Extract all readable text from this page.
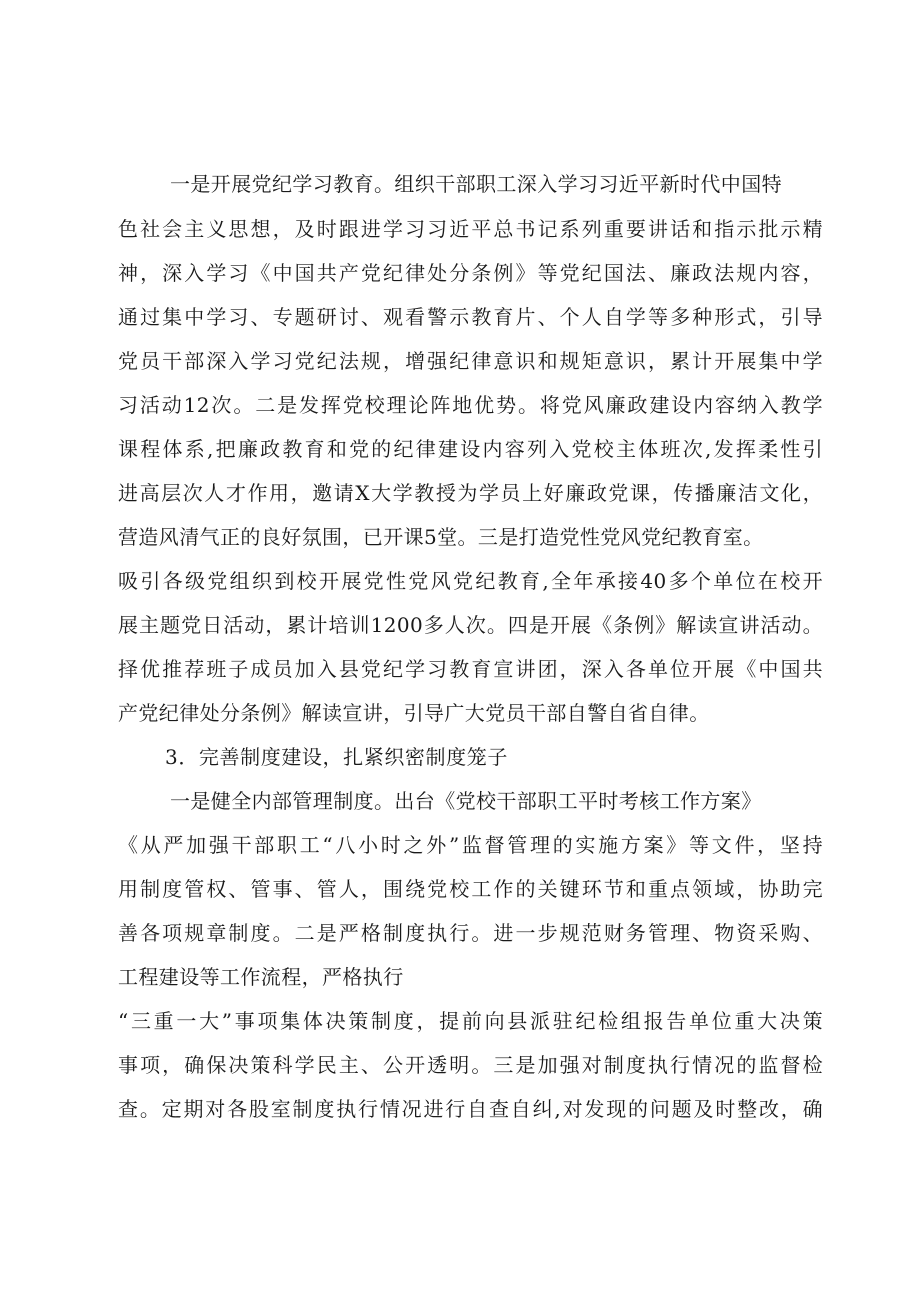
一是开展党纪学习教育。组织干部职工深入学习习近平新时代中国特
色社会主义思想，及时跟进学习习近平总书记系列重要讲话和指示批示精
神，深入学习《中国共产党纪律处分条例》等党纪国法、廉政法规内容，
通过集中学习、专题研讨、观看警示教育片、个人自学等多种形式，引导
党员干部深入学习党纪法规，增强纪律意识和规矩意识，累计开展集中学
习活动12次。二是发挥党校理论阵地优势。将党风廉政建设内容纳入教学
课程体系,把廉政教育和党的纪律建设内容列入党校主体班次,发挥柔性引
进高层次人才作用，邀请X大学教授为学员上好廉政党课，传播廉洁文化，
营造风清气正的良好氛围，已开课5堂。三是打造党性党风党纪教育室。
吸引各级党组织到校开展党性党风党纪教育,全年承接40多个单位在校开
展主题党日活动，累计培训1200多人次。四是开展《条例》解读宣讲活动。
择优推荐班子成员加入县党纪学习教育宣讲团，深入各单位开展《中国共
产党纪律处分条例》解读宣讲，引导广大党员干部自警自省自律。
3．完善制度建设，扎紧织密制度笼子
一是健全内部管理制度。出台《党校干部职工平时考核工作方案》
《从严加强干部职工“八小时之外”监督管理的实施方案》等文件，坚持
用制度管权、管事、管人，围绕党校工作的关键环节和重点领域，协助完
善各项规章制度。二是严格制度执行。进一步规范财务管理、物资采购、
工程建设等工作流程，严格执行
“三重一大”事项集体决策制度，提前向县派驻纪检组报告单位重大决策
事项，确保决策科学民主、公开透明。三是加强对制度执行情况的监督检
查。定期对各股室制度执行情况进行自查自纠,对发现的问题及时整改，确
